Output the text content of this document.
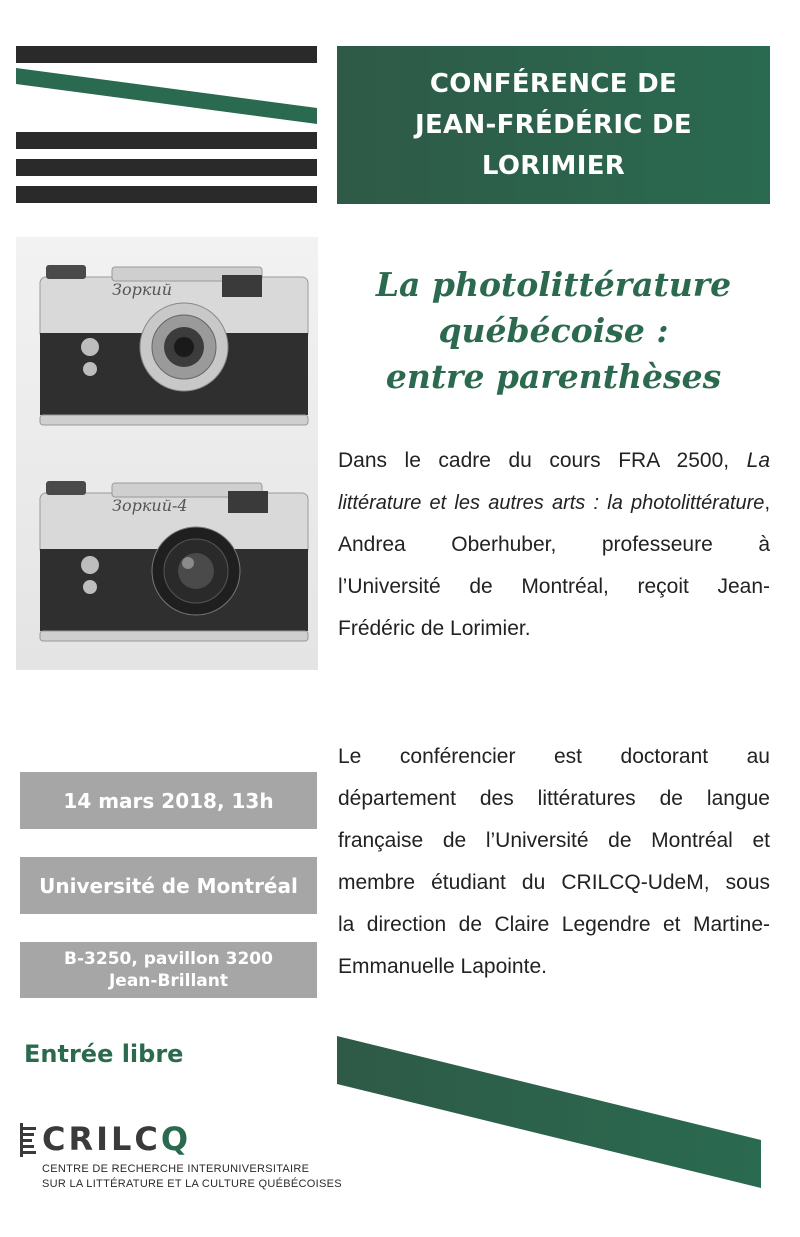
CONFÉRENCE DE
JEAN-FRÉDÉRIC DE
LORIMIER
Зоркий
Зоркий-4
La photolittérature
québécoise :
entre parenthèses
Dans le cadre du cours FRA 2500, La
littérature et les autres arts : la photolittérature,
Andrea Oberhuber, professeure à
l’Université de Montréal, reçoit Jean-
Frédéric de Lorimier.
Le conférencier est doctorant au
département des littératures de langue
française de l’Université de Montréal et
membre étudiant du CRILCQ-UdeM, sous
la direction de Claire Legendre et Martine-
Emmanuelle Lapointe.
14 mars 2018, 13h
Université de Montréal
B-3250, pavillon 3200
Jean-Brillant
Entrée libre
CRILCQ
CENTRE DE RECHERCHE INTERUNIVERSITAIRE
SUR LA LITTÉRATURE ET LA CULTURE QUÉBÉCOISES
